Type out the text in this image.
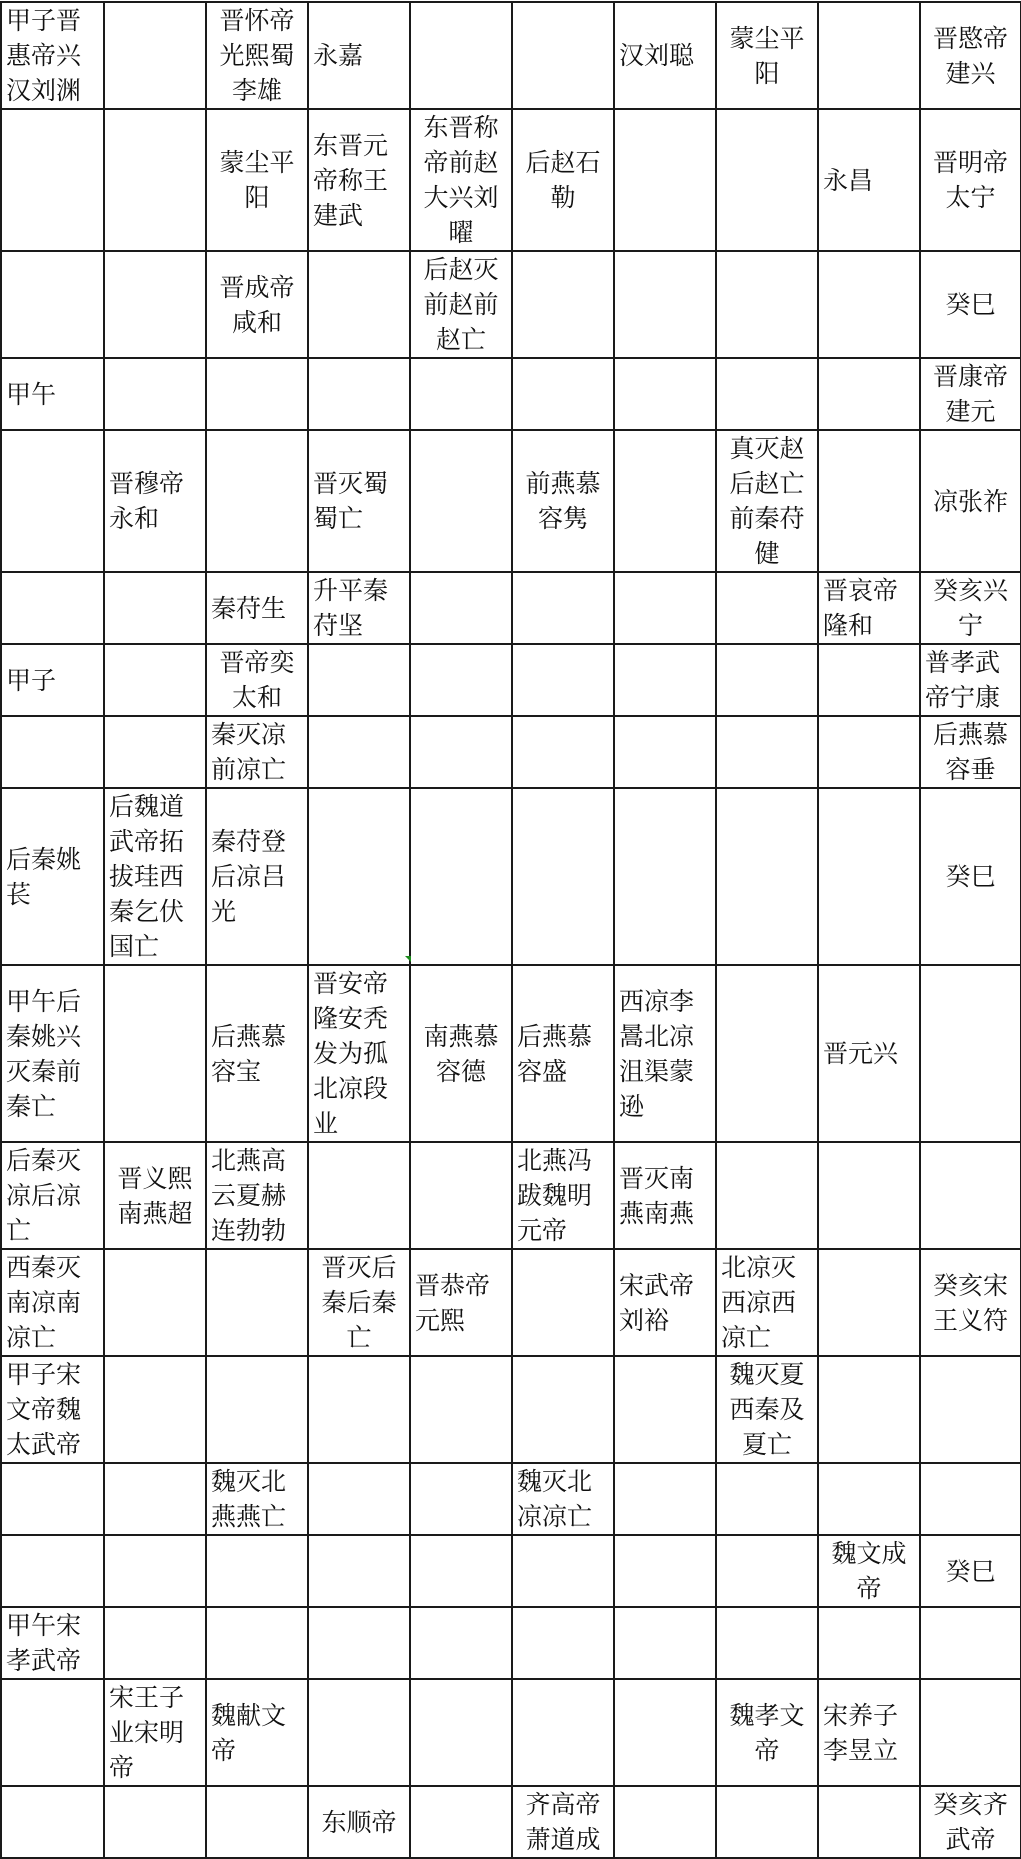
甲子晋惠帝兴汉刘渊		晋怀帝光熙蜀李雄	永嘉			汉刘聪	蒙尘平阳		晋愍帝建兴

		蒙尘平阳	东晋元帝称王建武	东晋称帝前赵大兴刘曜	后赵石勒			永昌	晋明帝太宁

		晋成帝咸和		后赵灭前赵前赵亡					癸巳

甲午									晋康帝建元

	晋穆帝永和		晋灭蜀蜀亡		前燕慕容隽		真灭赵后赵亡前秦苻健		凉张祚

		秦苻生	升平秦苻坚					晋哀帝隆和	癸亥兴宁

甲子		晋帝奕太和							普孝武帝宁康

		秦灭凉前凉亡							后燕慕容垂

后秦姚苌	后魏道武帝拓拔珪西秦乞伏国亡	秦苻登后凉吕光							癸巳

甲午后秦姚兴灭秦前秦亡		后燕慕容宝	晋安帝隆安秃发为孤北凉段业	南燕慕容德	后燕慕容盛	西凉李暠北凉沮渠蒙逊		晋元兴	

后秦灭凉后凉亡	晋义熙南燕超	北燕高云夏赫连勃勃			北燕冯跋魏明元帝	晋灭南燕南燕			

西秦灭南凉南凉亡			晋灭后秦后秦亡	晋恭帝元熙		宋武帝刘裕	北凉灭西凉西凉亡		癸亥宋王义符

甲子宋文帝魏太武帝							魏灭夏西秦及夏亡		

		魏灭北燕燕亡			魏灭北凉凉亡				

								魏文成帝	癸巳

甲午宋孝武帝									

	宋王子业宋明帝	魏献文帝					魏孝文帝	宋养子李昱立	

			东顺帝		齐高帝萧道成				癸亥齐武帝
